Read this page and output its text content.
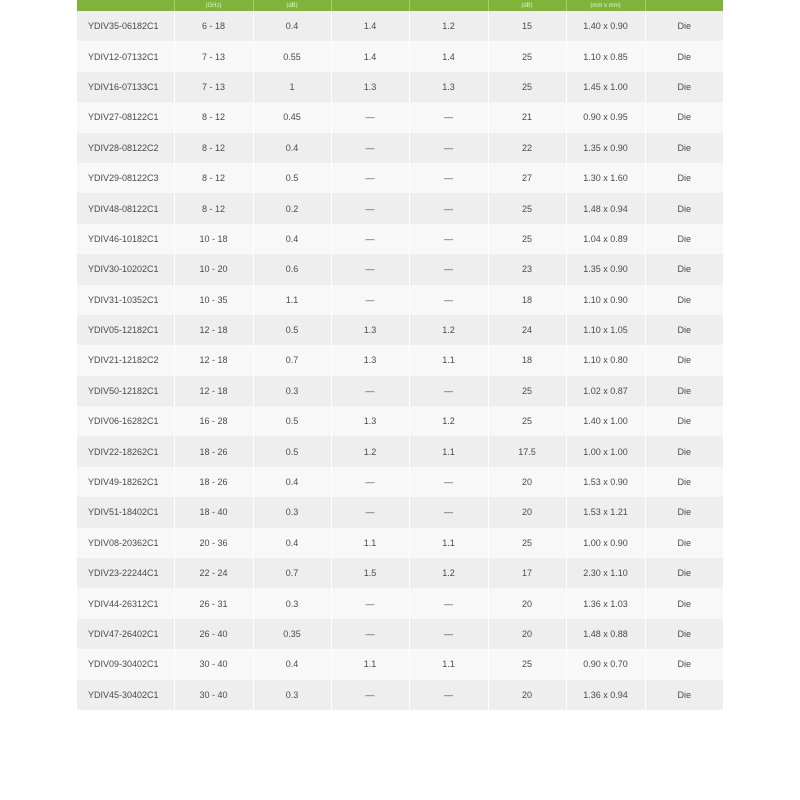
	(GHz)	(dB)			(dB)	(mm x mm)	
YDIV35-06182C1	6 - 18	0.4	1.4	1.2	15	1.40 x 0.90	Die
YDIV12-07132C1	7 - 13	0.55	1.4	1.4	25	1.10 x 0.85	Die
YDIV16-07133C1	7 - 13	1	1.3	1.3	25	1.45 x 1.00	Die
YDIV27-08122C1	8 - 12	0.45	—	—	21	0.90 x 0.95	Die
YDIV28-08122C2	8 - 12	0.4	—	—	22	1.35 x 0.90	Die
YDIV29-08122C3	8 - 12	0.5	—	—	27	1.30 x 1.60	Die
YDIV48-08122C1	8 - 12	0.2	—	—	25	1.48 x 0.94	Die
YDIV46-10182C1	10 - 18	0.4	—	—	25	1.04 x 0.89	Die
YDIV30-10202C1	10 - 20	0.6	—	—	23	1.35 x 0.90	Die
YDIV31-10352C1	10 - 35	1.1	—	—	18	1.10 x 0.90	Die
YDIV05-12182C1	12 - 18	0.5	1.3	1.2	24	1.10 x 1.05	Die
YDIV21-12182C2	12 - 18	0.7	1.3	1.1	18	1.10 x 0.80	Die
YDIV50-12182C1	12 - 18	0.3	—	—	25	1.02 x 0.87	Die
YDIV06-16282C1	16 - 28	0.5	1.3	1.2	25	1.40 x 1.00	Die
YDIV22-18262C1	18 - 26	0.5	1.2	1.1	17.5	1.00 x 1.00	Die
YDIV49-18262C1	18 - 26	0.4	—	—	20	1.53 x 0.90	Die
YDIV51-18402C1	18 - 40	0.3	—	—	20	1.53 x 1.21	Die
YDIV08-20362C1	20 - 36	0.4	1.1	1.1	25	1.00 x 0.90	Die
YDIV23-22244C1	22 - 24	0.7	1.5	1.2	17	2.30 x 1.10	Die
YDIV44-26312C1	26 - 31	0.3	—	—	20	1.36 x 1.03	Die
YDIV47-26402C1	26 - 40	0.35	—	—	20	1.48 x 0.88	Die
YDIV09-30402C1	30 - 40	0.4	1.1	1.1	25	0.90 x 0.70	Die
YDIV45-30402C1	30 - 40	0.3	—	—	20	1.36 x 0.94	Die
